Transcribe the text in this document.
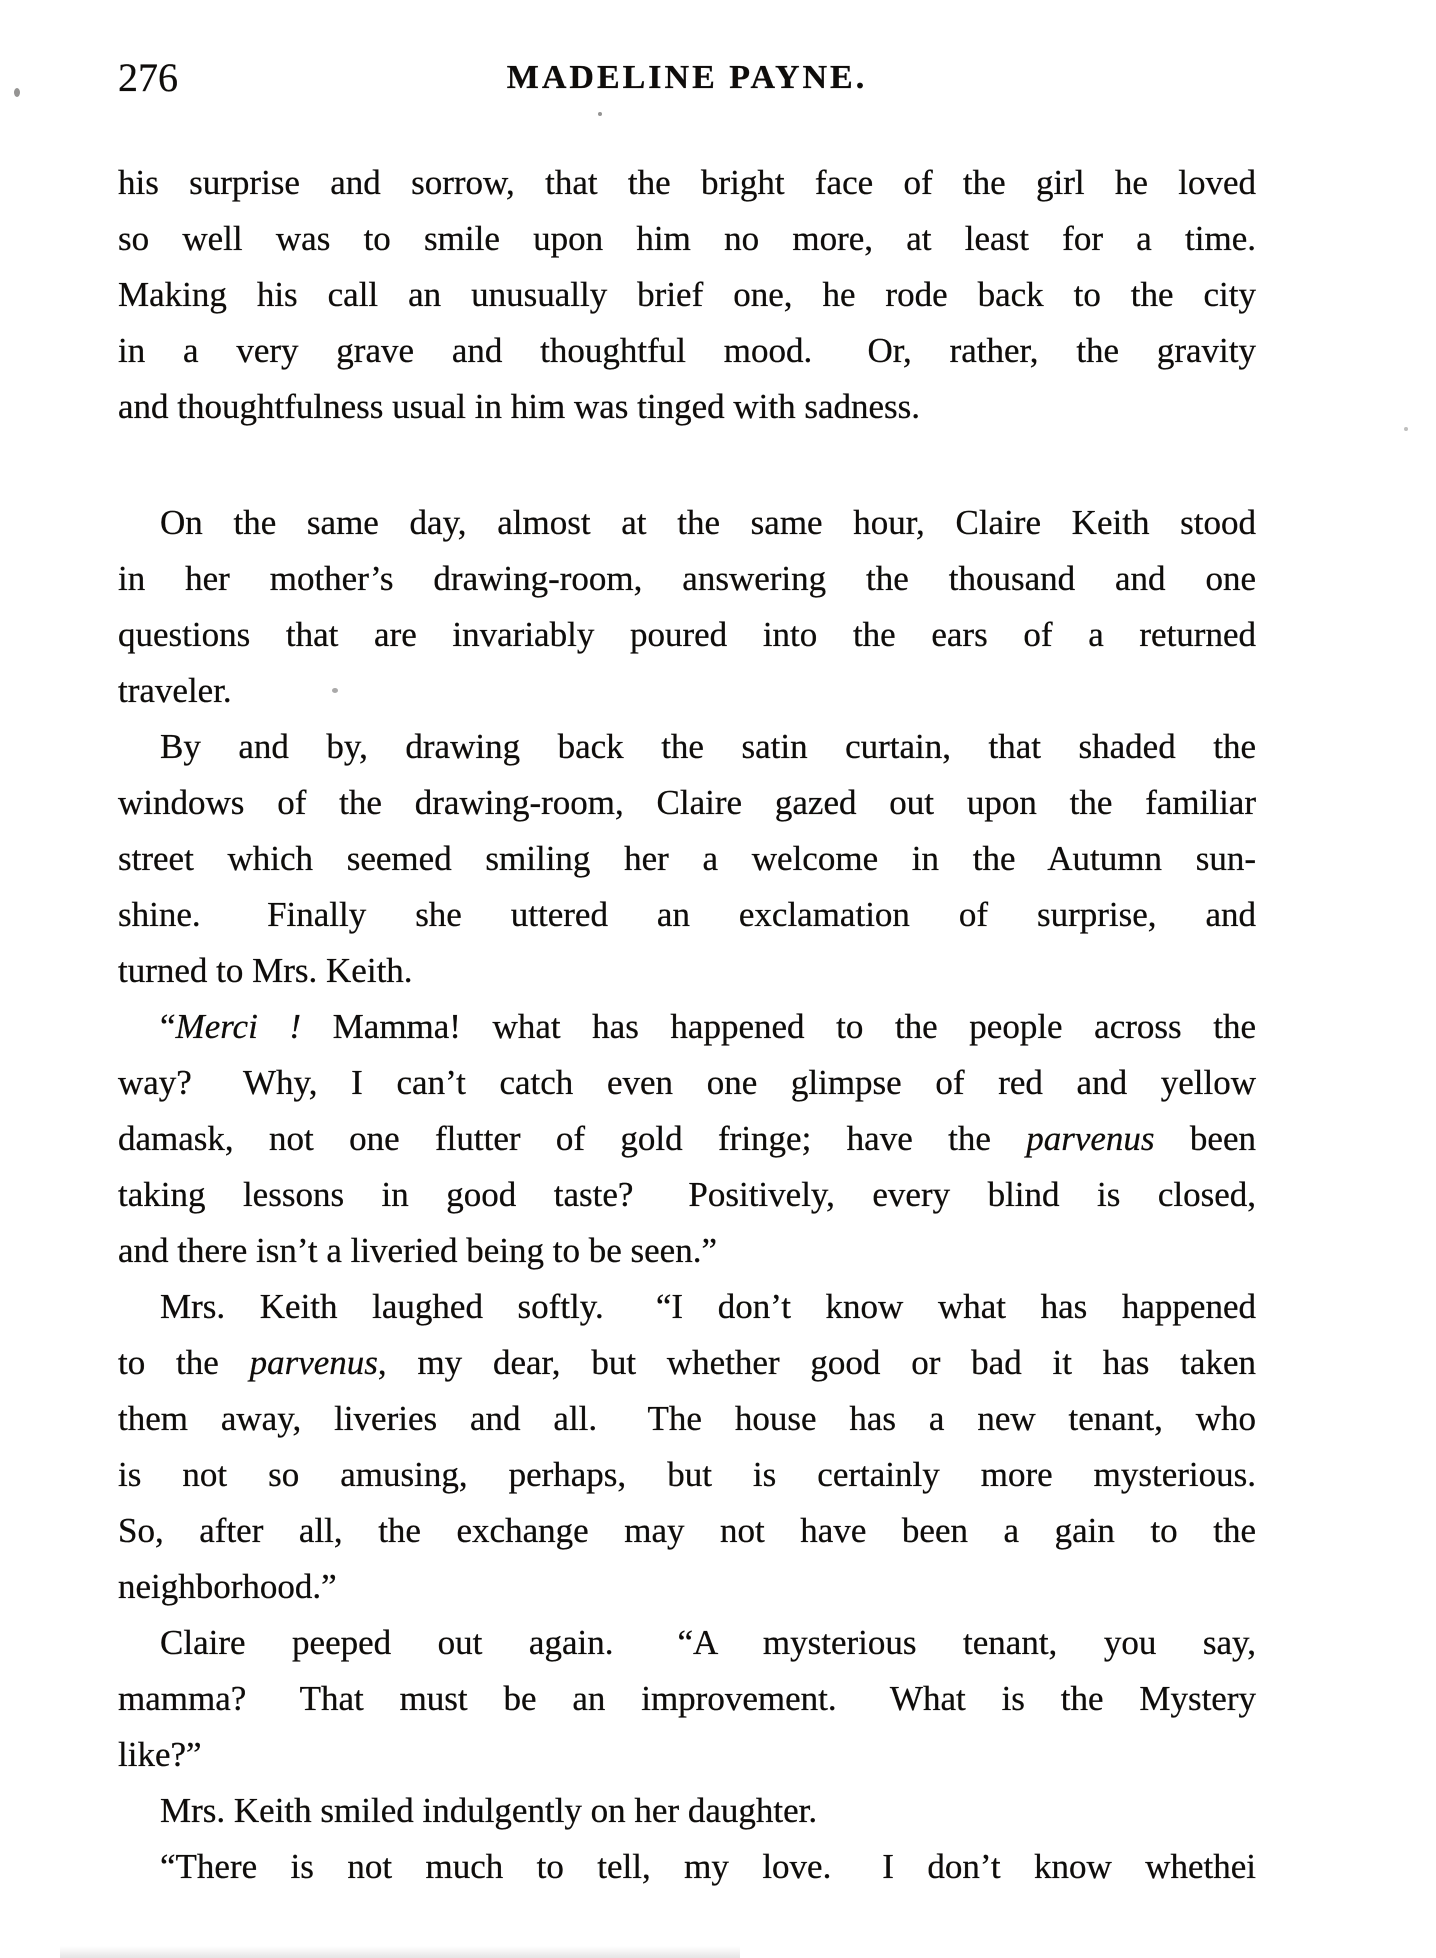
276	MADELINE PAYNE.
his surprise and sorrow, that the bright face of the girl he loved
so well was to smile upon him no more, at least for a time.
Making his call an unusually brief one, he rode back to the city
in a very grave and thoughtful mood.  Or, rather, the gravity
and thoughtfulness usual in him was tinged with sadness.
On the same day, almost at the same hour, Claire Keith stood
in her mother’s drawing-room, answering the thousand and one
questions that are invariably poured into the ears of a returned
traveler.
By and by, drawing back the satin curtain, that shaded the
windows of the drawing-room, Claire gazed out upon the familiar
street which seemed smiling her a welcome in the Autumn sun-
shine.  Finally she uttered an exclamation of surprise, and
turned to Mrs. Keith.
“Merci ! Mamma! what has happened to the people across the
way?  Why, I can’t catch even one glimpse of red and yellow
damask, not one flutter of gold fringe; have the parvenus been
taking lessons in good taste?  Positively, every blind is closed,
and there isn’t a liveried being to be seen.”
Mrs. Keith laughed softly.  “I don’t know what has happened
to the parvenus, my dear, but whether good or bad it has taken
them away, liveries and all.  The house has a new tenant, who
is not so amusing, perhaps, but is certainly more mysterious.
So, after all, the exchange may not have been a gain to the
neighborhood.”
Claire peeped out again.  “A mysterious tenant, you say,
mamma?  That must be an improvement.  What is the Mystery
like?”
Mrs. Keith smiled indulgently on her daughter.
“There is not much to tell, my love.  I don’t know whethei
